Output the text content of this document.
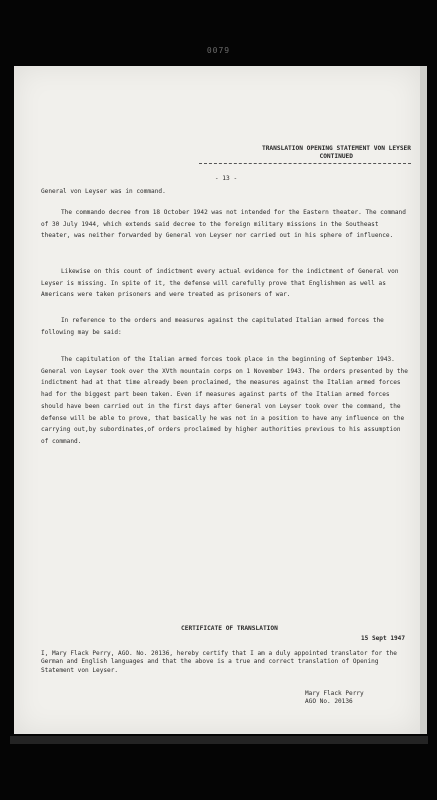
0079
TRANSLATION OPENING STATEMENT VON LEYSER
CONTINUED
- 13 -

General von Leyser was in command.

The commando decree from 18 October 1942 was not intended for the Eastern theater. The command of 30 July 1944, which extends said decree to the foreign military missions in the Southeast theater, was neither forwarded by General von Leyser nor carried out in his sphere of influence.

Likewise on this count of indictment every actual evidence for the indictment of General von Leyser is missing. In spite of it, the defense will carefully prove that Englishmen as well as Americans were taken prisoners and were treated as prisoners of war.

In reference to the orders and measures against the capitulated Italian armed forces the following may be said:

The capitulation of the Italian armed forces took place in the beginning of September 1943. General von Leyser took over the XVth mountain corps on 1 November 1943. The orders presented by the indictment had at that time already been proclaimed, the measures against the Italian armed forces had for the biggest part been taken. Even if measures against parts of the Italian armed forces should have been carried out in the first days after General von Leyser took over the command, the defense will be able to prove, that basically he was not in a position to have any influence on the carrying out,by subordinates,of orders proclaimed by higher authorities previous to his assumption of command.

CERTIFICATE OF TRANSLATION
15 Sept 1947

I, Mary Flack Perry, AGO. No. 20136, hereby certify that I am a duly appointed translator for the German and English languages and that the above is a true and correct translation of Opening Statement von Leyser.

Mary Flack Perry
AGO No. 20136
